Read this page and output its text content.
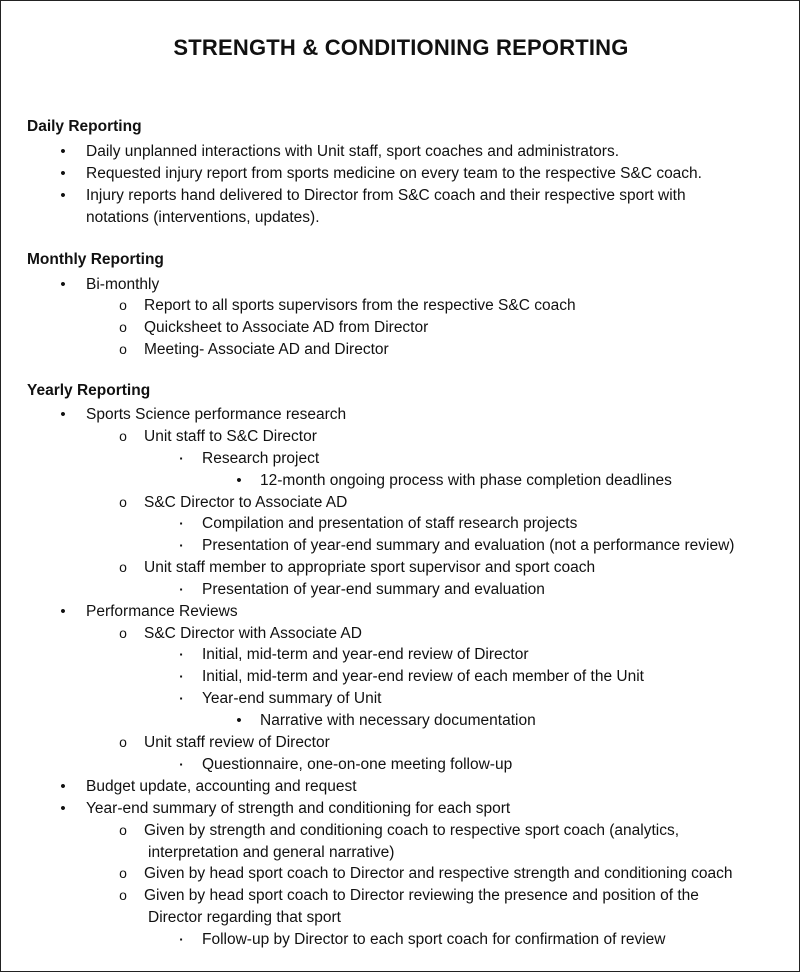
STRENGTH & CONDITIONING REPORTING
Daily Reporting
• Daily unplanned interactions with Unit staff, sport coaches and administrators.
• Requested injury report from sports medicine on every team to the respective S&C coach.
• Injury reports hand delivered to Director from S&C coach and their respective sport with
notations (interventions, updates).
Monthly Reporting
• Bi-monthly
o Report to all sports supervisors from the respective S&C coach
o Quicksheet to Associate AD from Director
o Meeting- Associate AD and Director
Yearly Reporting
• Sports Science performance research
o Unit staff to S&C Director
▪	Research project
• 12-month ongoing process with phase completion deadlines
o S&C Director to Associate AD
▪	Compilation and presentation of staff research projects
▪	Presentation of year-end summary and evaluation (not a performance review)
o Unit staff member to appropriate sport supervisor and sport coach
▪	Presentation of year-end summary and evaluation
• Performance Reviews
o S&C Director with Associate AD
▪	Initial, mid-term and year-end review of Director
▪	Initial, mid-term and year-end review of each member of the Unit
▪	Year-end summary of Unit
• Narrative with necessary documentation
o Unit staff review of Director
▪	Questionnaire, one-on-one meeting follow-up
• Budget update, accounting and request
• Year-end summary of strength and conditioning for each sport
o Given by strength and conditioning coach to respective sport coach (analytics,
interpretation and general narrative)
o Given by head sport coach to Director and respective strength and conditioning coach
o Given by head sport coach to Director reviewing the presence and position of the
Director regarding that sport
▪	Follow-up by Director to each sport coach for confirmation of review
